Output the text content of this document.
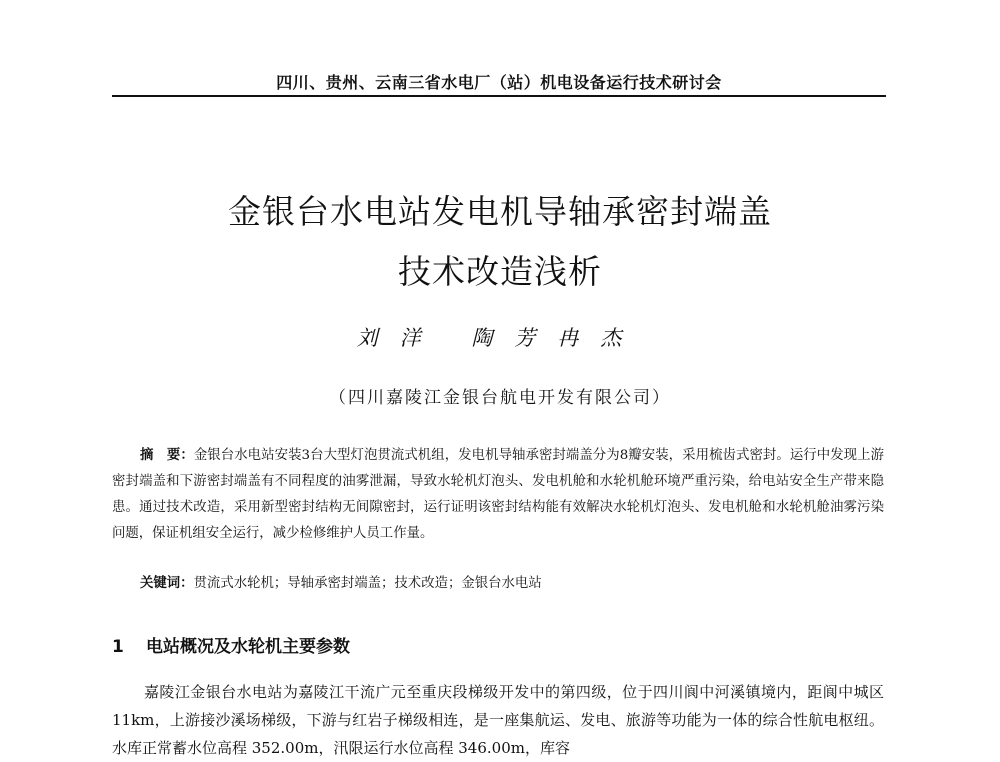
四川、贵州、云南三省水电厂（站）机电设备运行技术研讨会
金银台水电站发电机导轴承密封端盖
技术改造浅析
刘洋 陶芳冉杰
（四川嘉陵江金银台航电开发有限公司）
摘　要：金银台水电站安装3台大型灯泡贯流式机组，发电机导轴承密封端盖分为8瓣安装，采用梳齿式密封。运行中发现上游密封端盖和下游密封端盖有不同程度的油雾泄漏，导致水轮机灯泡头、发电机舱和水轮机舱环境严重污染，给电站安全生产带来隐患。通过技术改造，采用新型密封结构无间隙密封，运行证明该密封结构能有效解决水轮机灯泡头、发电机舱和水轮机舱油雾污染问题，保证机组安全运行，减少检修维护人员工作量。
关键词：贯流式水轮机；导轴承密封端盖；技术改造；金银台水电站
1 电站概况及水轮机主要参数
嘉陵江金银台水电站为嘉陵江干流广元至重庆段梯级开发中的第四级，位于四川阆中河溪镇境内，距阆中城区11km，上游接沙溪场梯级，下游与红岩子梯级相连，是一座集航运、发电、旅游等功能为一体的综合性航电枢纽。水库正常蓄水位高程 352.00m，汛限运行水位高程 346.00m，库容
